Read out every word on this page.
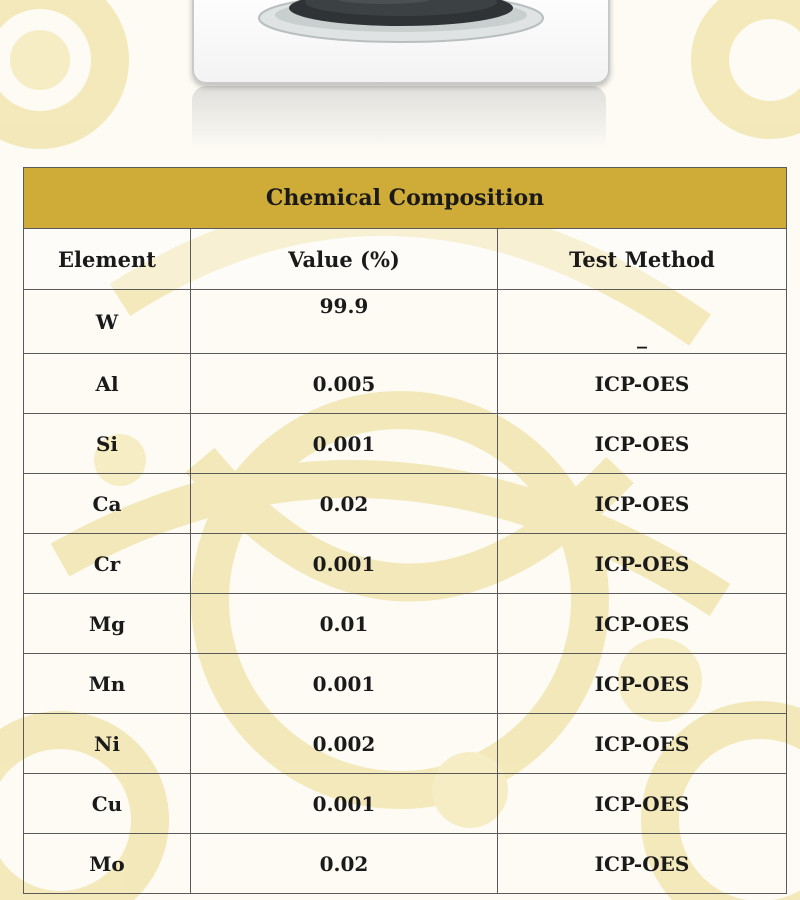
Chemical Composition		
Element	Value (%)	Test Method
W	99.9	_
Al	0.005	ICP-OES
Si	0.001	ICP-OES
Ca	0.02	ICP-OES
Cr	0.001	ICP-OES
Mg	0.01	ICP-OES
Mn	0.001	ICP-OES
Ni	0.002	ICP-OES
Cu	0.001	ICP-OES
Mo	0.02	ICP-OES
